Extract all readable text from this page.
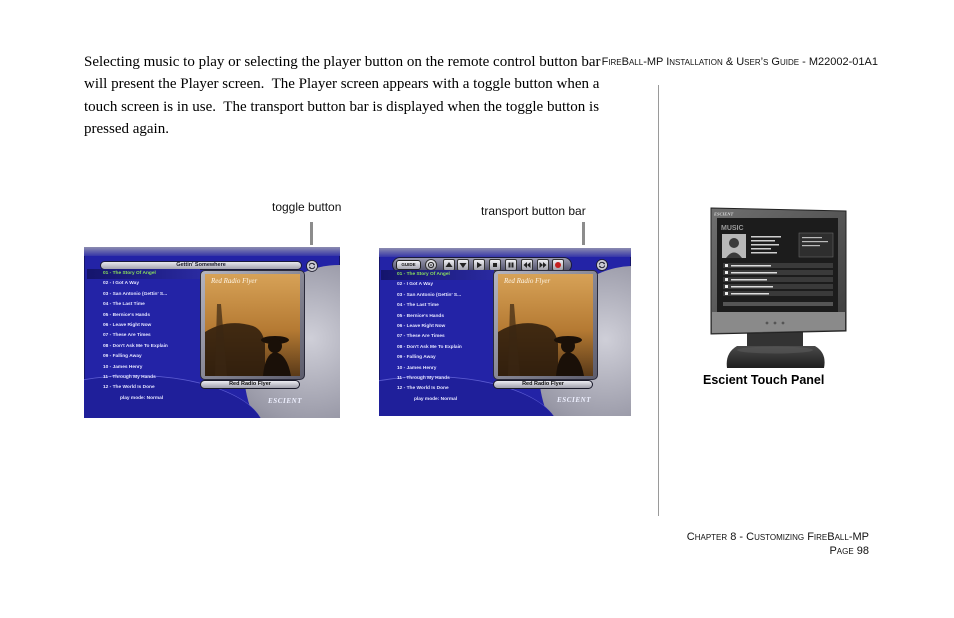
FireBall-MP Installation & User’s Guide - M22002-01A1
Selecting music to play or selecting the player button on the remote control button bar
will present the Player screen.  The Player screen appears with a toggle button when a
touch screen is in use.  The transport button bar is displayed when the toggle button is
pressed again.
toggle button	transport button bar
Gettin' Somewhere
01 - The Story Of Angel
02 - I Got A Way
03 - San Antonio (Gettin' S...
04 - The Last Time
05 - Bernice's Hands
06 - Leave Right Now
07 - These Are Times
08 - Don't Ask Me To Explain
09 - Falling Away
10 - James Henry
11 - Through My Hands
12 - The World Is Done
play mode: Normal
Red Radio Flyer
Red Radio Flyer
ESCIENT
GUIDE
01 - The Story Of Angel
02 - I Got A Way
03 - San Antonio (Gettin' S...
04 - The Last Time
05 - Bernice's Hands
06 - Leave Right Now
07 - These Are Times
08 - Don't Ask Me To Explain
09 - Falling Away
10 - James Henry
11 - Through My Hands
12 - The World Is Done
play mode: Normal
Red Radio Flyer
Red Radio Flyer
ESCIENT
ESCIENT
MUSIC
Escient Touch Panel
Chapter 8 - Customizing FireBall-MP
Page 98
